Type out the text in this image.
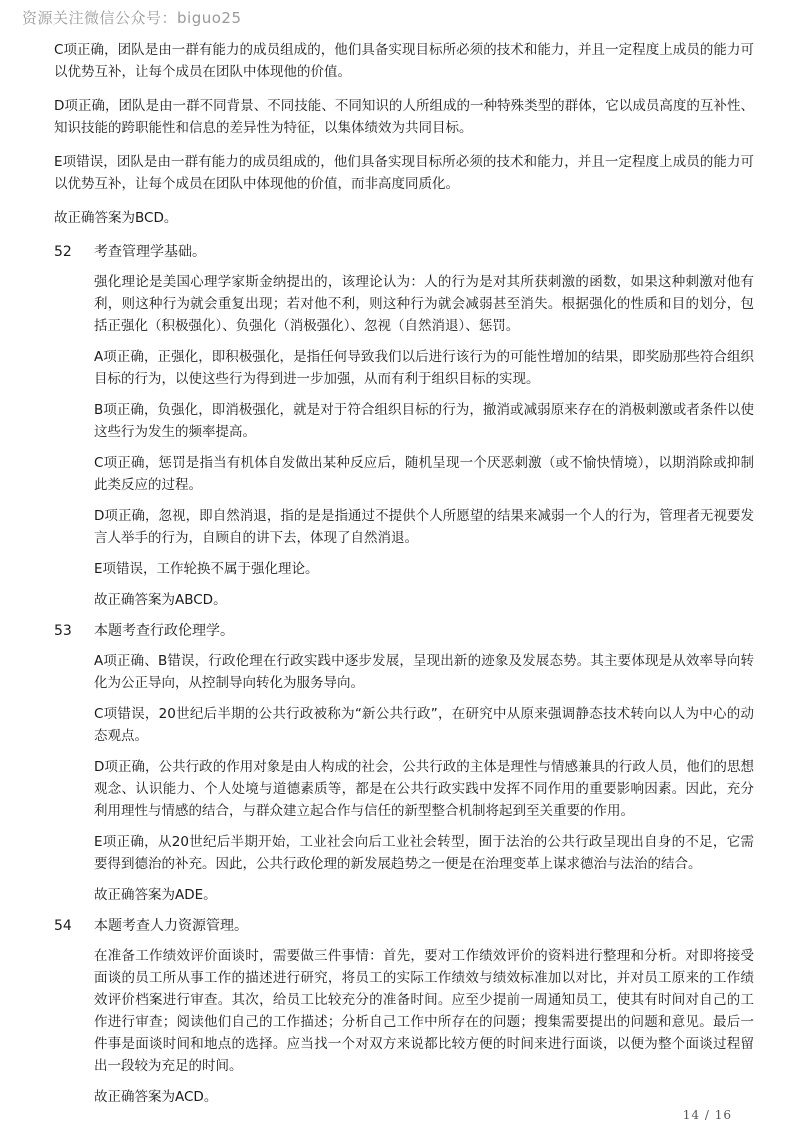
资源关注微信公众号：biguo25

C项正确，团队是由一群有能力的成员组成的，他们具备实现目标所必须的技术和能力，并且一定程度上成员的能力可以优势互补，让每个成员在团队中体现他的价值。

D项正确，团队是由一群不同背景、不同技能、不同知识的人所组成的一种特殊类型的群体，它以成员高度的互补性、知识技能的跨职能性和信息的差异性为特征，以集体绩效为共同目标。

E项错误，团队是由一群有能力的成员组成的，他们具备实现目标所必须的技术和能力，并且一定程度上成员的能力可以优势互补，让每个成员在团队中体现他的价值，而非高度同质化。

故正确答案为BCD。

52	考查管理学基础。

强化理论是美国心理学家斯金纳提出的，该理论认为：人的行为是对其所获刺激的函数，如果这种刺激对他有利，则这种行为就会重复出现；若对他不利，则这种行为就会减弱甚至消失。根据强化的性质和目的划分，包括正强化（积极强化）、负强化（消极强化）、忽视（自然消退）、惩罚。

A项正确，正强化，即积极强化，是指任何导致我们以后进行该行为的可能性增加的结果，即奖励那些符合组织目标的行为，以使这些行为得到进一步加强，从而有利于组织目标的实现。

B项正确，负强化，即消极强化，就是对于符合组织目标的行为，撤消或减弱原来存在的消极刺激或者条件以使这些行为发生的频率提高。

C项正确，惩罚是指当有机体自发做出某种反应后，随机呈现一个厌恶刺激（或不愉快情境），以期消除或抑制此类反应的过程。

D项正确，忽视，即自然消退，指的是是指通过不提供个人所愿望的结果来减弱一个人的行为，管理者无视要发言人举手的行为，自顾自的讲下去，体现了自然消退。

E项错误，工作轮换不属于强化理论。

故正确答案为ABCD。

53	本题考查行政伦理学。

A项正确、B错误，行政伦理在行政实践中逐步发展，呈现出新的迹象及发展态势。其主要体现是从效率导向转化为公正导向，从控制导向转化为服务导向。

C项错误，20世纪后半期的公共行政被称为“新公共行政”，在研究中从原来强调静态技术转向以人为中心的动态观点。

D项正确，公共行政的作用对象是由人构成的社会，公共行政的主体是理性与情感兼具的行政人员，他们的思想观念、认识能力、个人处境与道德素质等，都是在公共行政实践中发挥不同作用的重要影响因素。因此，充分利用理性与情感的结合，与群众建立起合作与信任的新型整合机制将起到至关重要的作用。

E项正确，从20世纪后半期开始，工业社会向后工业社会转型，囿于法治的公共行政呈现出自身的不足，它需要得到德治的补充。因此，公共行政伦理的新发展趋势之一便是在治理变革上谋求德治与法治的结合。

故正确答案为ADE。

54	本题考查人力资源管理。

在准备工作绩效评价面谈时，需要做三件事情：首先，要对工作绩效评价的资料进行整理和分析。对即将接受面谈的员工所从事工作的描述进行研究，将员工的实际工作绩效与绩效标准加以对比，并对员工原来的工作绩效评价档案进行审查。其次，给员工比较充分的准备时间。应至少提前一周通知员工，使其有时间对自己的工作进行审查；阅读他们自己的工作描述；分析自己工作中所存在的问题；搜集需要提出的问题和意见。最后一件事是面谈时间和地点的选择。应当找一个对双方来说都比较方便的时间来进行面谈，以便为整个面谈过程留出一段较为充足的时间。

故正确答案为ACD。

14 / 16
